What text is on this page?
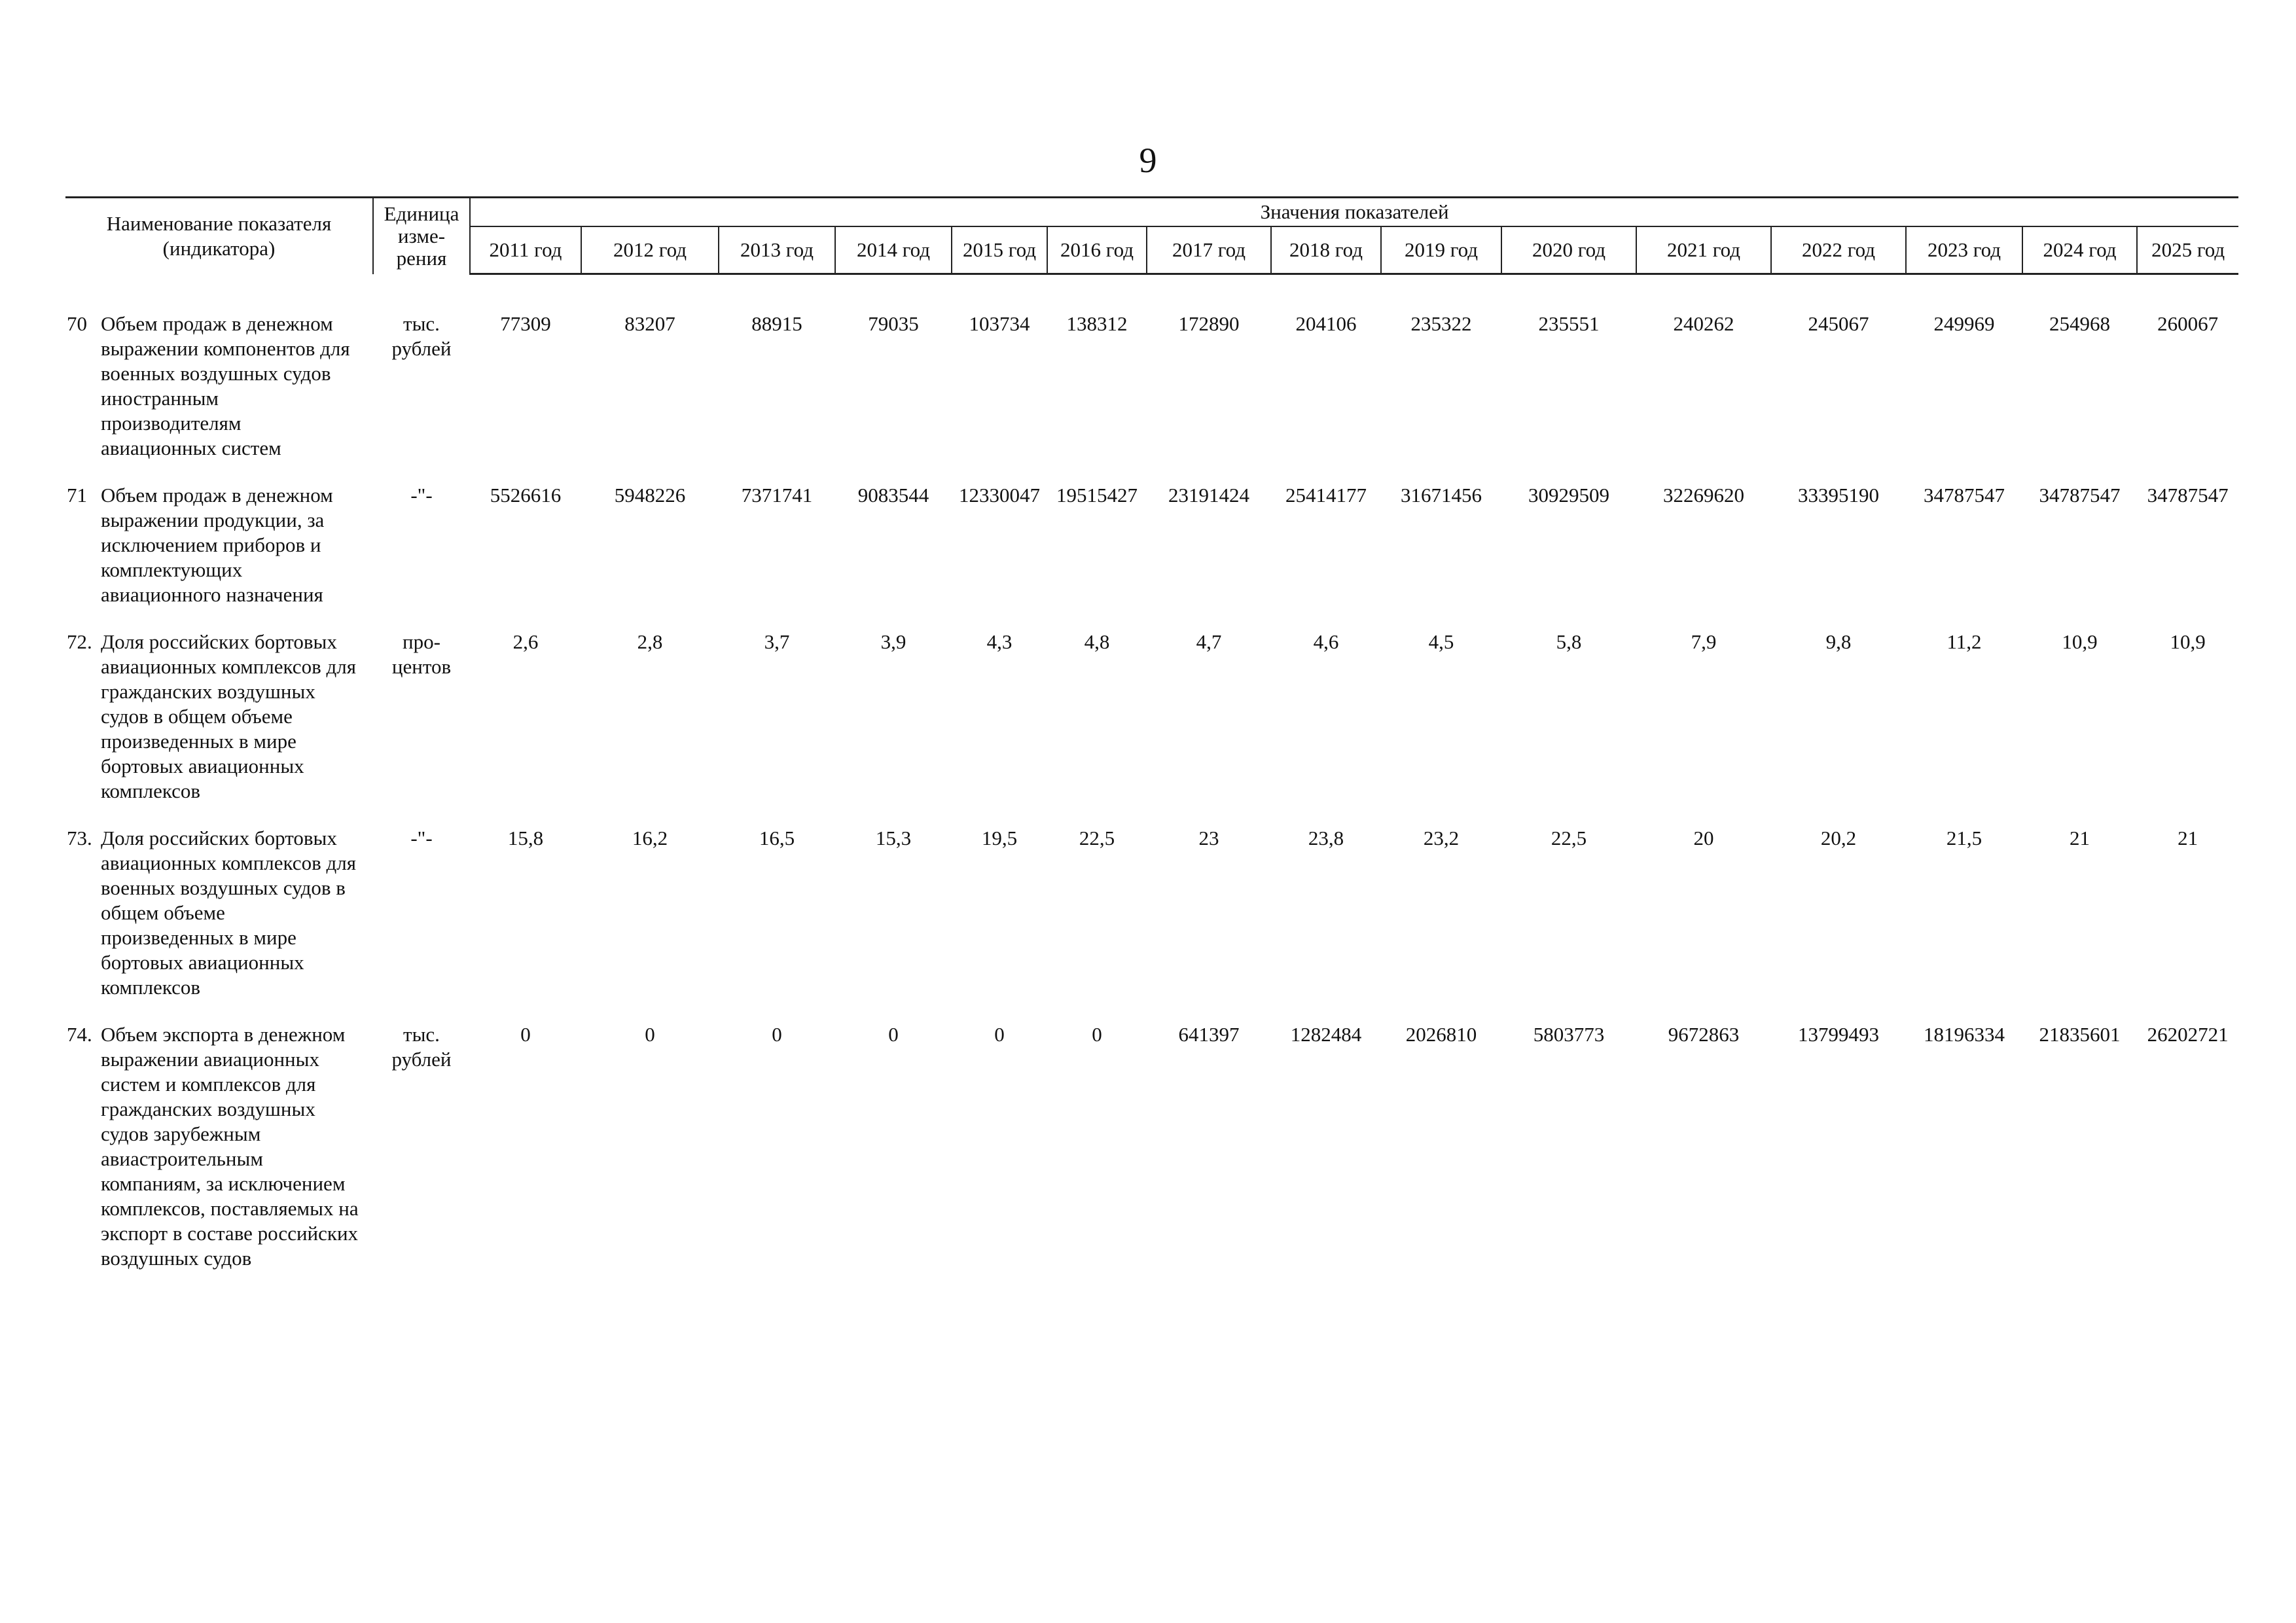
9
Наименование показателя (индикатора)	Единица изме-рения	Значения показателей														
		2011 год	2012 год	2013 год	2014 год	2015 год	2016 год	2017 год	2018 год	2019 год	2020 год	2021 год	2022 год	2023 год	2024 год	2025 год

70 Объем продаж в денежном выражении компонентов для военных воздушных судов иностранным производителям авиационных систем	тыс. рублей	77309	83207	88915	79035	103734	138312	172890	204106	235322	235551	240262	245067	249969	254968	260067

71 Объем продаж в денежном выражении продукции, за исключением приборов и комплектующих авиационного назначения	-"-	5526616	5948226	7371741	9083544	12330047	19515427	23191424	25414177	31671456	30929509	32269620	33395190	34787547	34787547	34787547

72. Доля российских бортовых авиационных комплексов для гражданских воздушных судов в общем объеме произведенных в мире бортовых авиационных комплексов	про-центов	2,6	2,8	3,7	3,9	4,3	4,8	4,7	4,6	4,5	5,8	7,9	9,8	11,2	10,9	10,9

73. Доля российских бортовых авиационных комплексов для военных воздушных судов в общем объеме произведенных в мире бортовых авиационных комплексов	-"-	15,8	16,2	16,5	15,3	19,5	22,5	23	23,8	23,2	22,5	20	20,2	21,5	21	21

74. Объем экспорта в денежном выражении авиационных систем и комплексов для гражданских воздушных судов зарубежным авиастроительным компаниям, за исключением комплексов, поставляемых на экспорт в составе российских воздушных судов	тыс. рублей	0	0	0	0	0	0	641397	1282484	2026810	5803773	9672863	13799493	18196334	21835601	26202721
